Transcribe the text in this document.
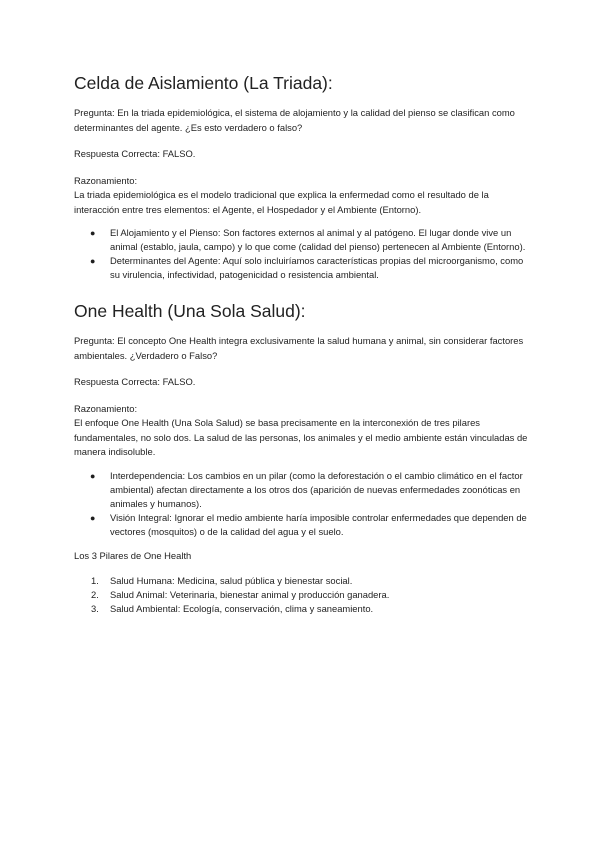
Celda de Aislamiento (La Triada):

Pregunta: En la triada epidemiológica, el sistema de alojamiento y la calidad del pienso se clasifican como determinantes del agente. ¿Es esto verdadero o falso?

Respuesta Correcta: FALSO.

Razonamiento:

La triada epidemiológica es el modelo tradicional que explica la enfermedad como el resultado de la interacción entre tres elementos: el Agente, el Hospedador y el Ambiente (Entorno).

● El Alojamiento y el Pienso: Son factores externos al animal y al patógeno. El lugar donde vive un animal (establo, jaula, campo) y lo que come (calidad del pienso) pertenecen al Ambiente (Entorno).
● Determinantes del Agente: Aquí solo incluiríamos características propias del microorganismo, como su virulencia, infectividad, patogenicidad o resistencia ambiental.
One Health (Una Sola Salud):

Pregunta: El concepto One Health integra exclusivamente la salud humana y animal, sin considerar factores ambientales. ¿Verdadero o Falso?

Respuesta Correcta: FALSO.

Razonamiento:

El enfoque One Health (Una Sola Salud) se basa precisamente en la interconexión de tres pilares fundamentales, no solo dos. La salud de las personas, los animales y el medio ambiente están vinculadas de manera indisoluble.

● Interdependencia: Los cambios en un pilar (como la deforestación o el cambio climático en el factor ambiental) afectan directamente a los otros dos (aparición de nuevas enfermedades zoonóticas en animales y humanos).
● Visión Integral: Ignorar el medio ambiente haría imposible controlar enfermedades que dependen de vectores (mosquitos) o de la calidad del agua y el suelo.

Los 3 Pilares de One Health

1. Salud Humana: Medicina, salud pública y bienestar social.
2. Salud Animal: Veterinaria, bienestar animal y producción ganadera.
3. Salud Ambiental: Ecología, conservación, clima y saneamiento.
